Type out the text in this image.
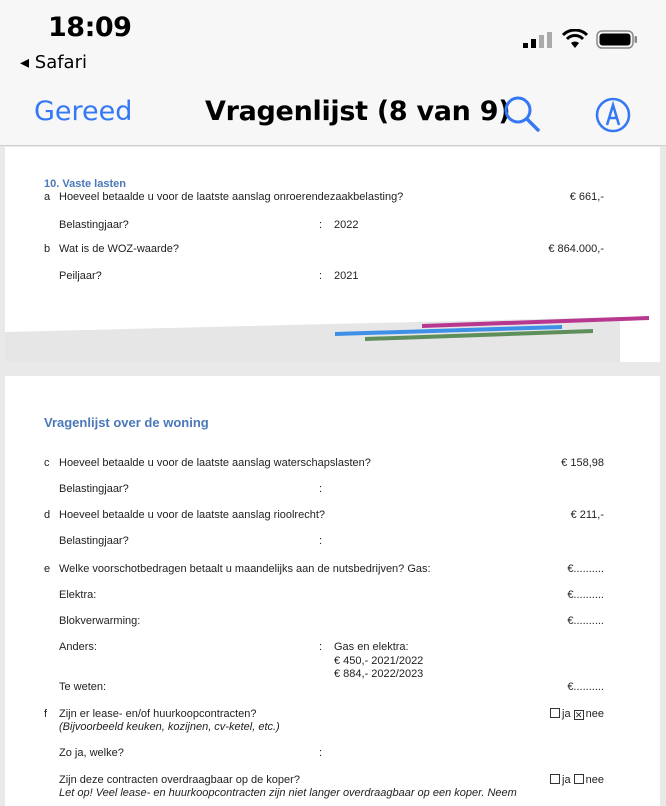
18:09
◂ Safari
Gereed	Vragenlijst (8 van 9)
10. Vaste lasten
a Hoeveel betaalde u voor de laatste aanslag onroerendezaakbelasting?	€ 661,-
Belastingjaar?	: 2022
b Wat is de WOZ-waarde?	€ 864.000,-
Peiljaar?	: 2021
Vragenlijst over de woning
c Hoeveel betaalde u voor de laatste aanslag waterschapslasten?	€ 158,98
Belastingjaar?	:
d Hoeveel betaalde u voor de laatste aanslag rioolrecht?	€ 211,-
Belastingjaar?	:
e Welke voorschotbedragen betaalt u maandelijks aan de nutsbedrijven? Gas:	€..........
Elektra:	€..........
Blokverwarming:	€..........
Anders:	: Gas en elektra:
€ 450,- 2021/2022
€ 884,- 2022/2023
Te weten:	€..........
f Zijn er lease- en/of huurkoopcontracten?
(Bijvoorbeeld keuken, kozijnen, cv-ketel, etc.)
ja ✕ nee
Zo ja, welke?	:
Zijn deze contracten overdraagbaar op de koper?
Let op! Veel lease- en huurkoopcontracten zijn niet langer overdraagbaar op een koper. Neem
ja nee
